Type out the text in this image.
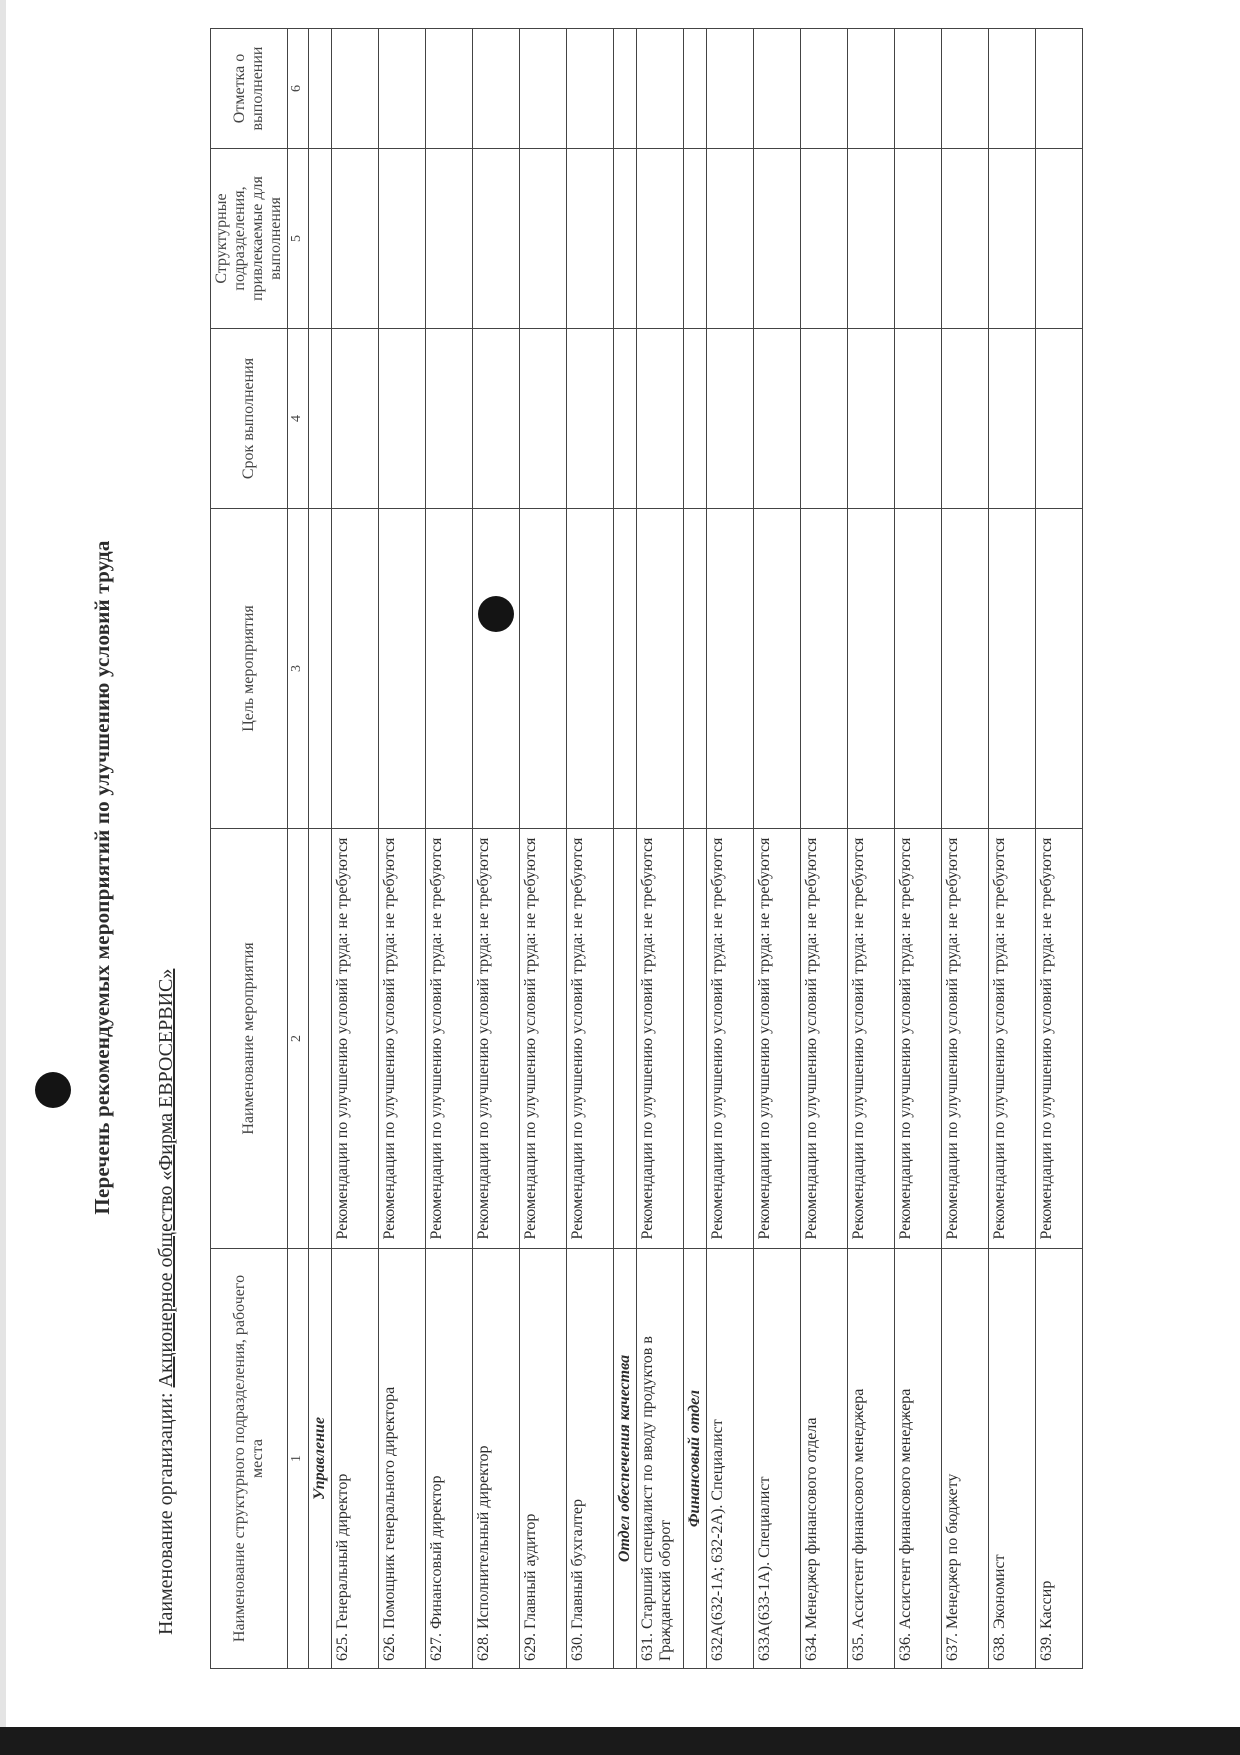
Перечень рекомендуемых мероприятий по улучшению условий труда
Наименование организации: Акционерное общество «Фирма ЕВРОСЕРВИС»
Наименование структурного подразделения, рабочего места	Наименование мероприятия	Цель мероприятия	Срок выполнения	Структурные подразделения, привлекаемые для выполнения	Отметка о выполнении
1	2	3	4	5	6
Управление					
625. Генеральный директор	Рекомендации по улучшению условий труда: не требуются				
626. Помощник генерального директора	Рекомендации по улучшению условий труда: не требуются				
627. Финансовый директор	Рекомендации по улучшению условий труда: не требуются				
628. Исполнительный директор	Рекомендации по улучшению условий труда: не требуются				
629. Главный аудитор	Рекомендации по улучшению условий труда: не требуются				
630. Главный бухгалтер	Рекомендации по улучшению условий труда: не требуются				
Отдел обеспечения качества					
631. Старший специалист по вводу продуктов в Гражданский оборот	Рекомендации по улучшению условий труда: не требуются				
Финансовый отдел					
632А(632-1А; 632-2А). Специалист	Рекомендации по улучшению условий труда: не требуются				
633А(633-1А). Специалист	Рекомендации по улучшению условий труда: не требуются				
634. Менеджер финансового отдела	Рекомендации по улучшению условий труда: не требуются				
635. Ассистент финансового менеджера	Рекомендации по улучшению условий труда: не требуются				
636. Ассистент финансового менеджера	Рекомендации по улучшению условий труда: не требуются				
637. Менеджер по бюджету	Рекомендации по улучшению условий труда: не требуются				
638. Экономист	Рекомендации по улучшению условий труда: не требуются				
639. Кассир	Рекомендации по улучшению условий труда: не требуются				
